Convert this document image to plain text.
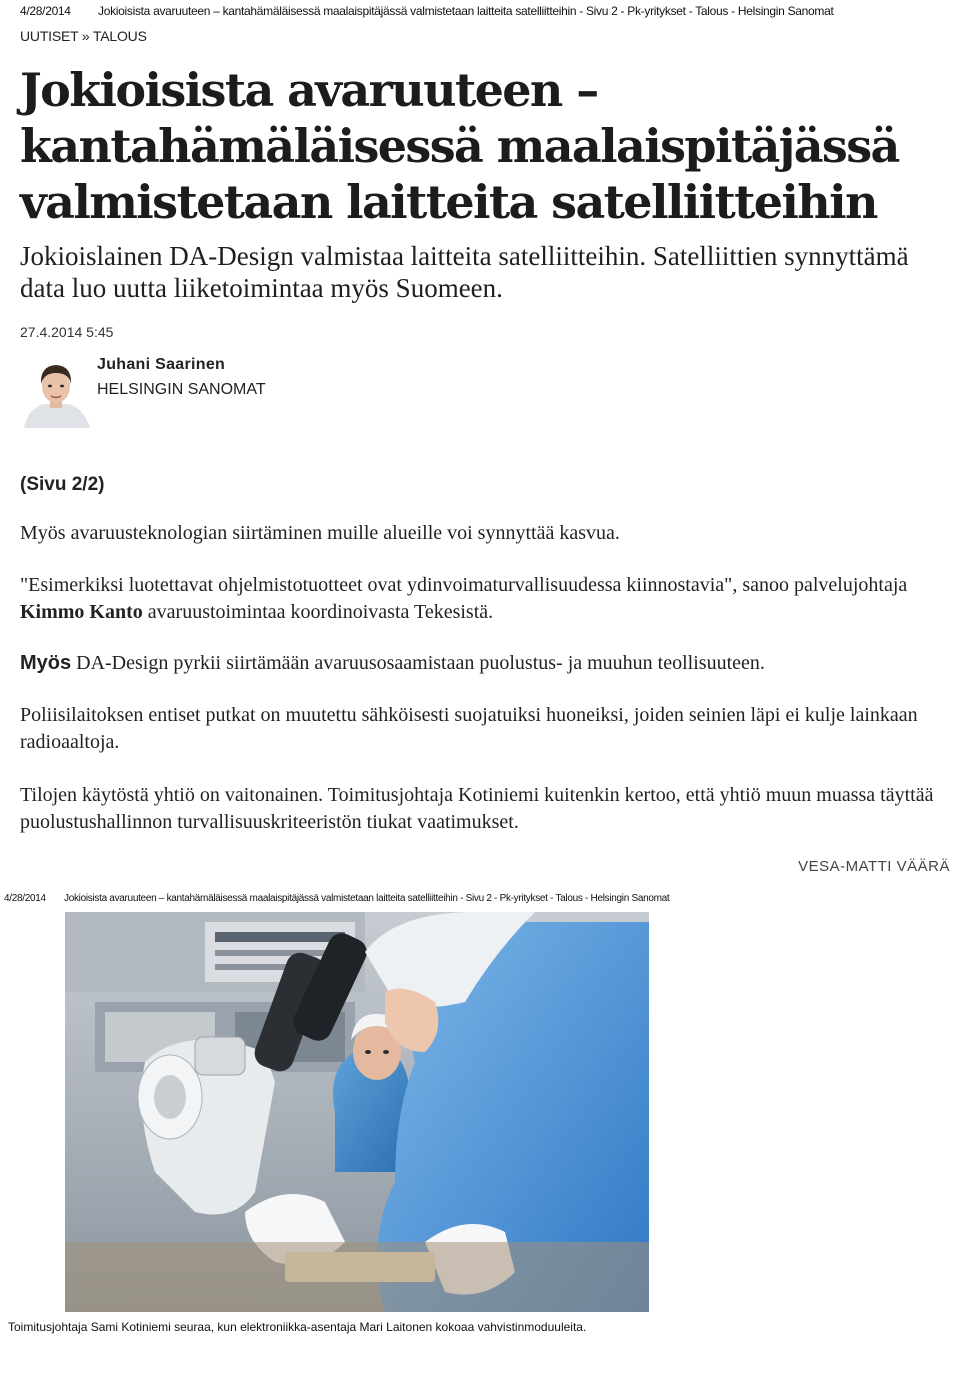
4/28/2014 Jokioisista avaruuteen – kantahämäläisessä maalaispitäjässä valmistetaan laitteita satelliitteihin - Sivu 2 - Pk-yritykset - Talous - Helsingin Sanomat
UUTISET » TALOUS
Jokioisista avaruuteen – kantahämäläisessä maalaispitäjässä valmistetaan laitteita satelliitteihin

Jokioislainen DA-Design valmistaa laitteita satelliitteihin. Satelliittien synnyttämä data luo uutta liiketoimintaa myös Suomeen.

27.4.2014 5:45
Juhani Saarinen
HELSINGIN SANOMAT
(Sivu 2/2)

Myös avaruusteknologian siirtäminen muille alueille voi synnyttää kasvua.

"Esimerkiksi luotettavat ohjelmistotuotteet ovat ydinvoimaturvallisuudessa kiinnostavia", sanoo palvelujohtaja Kimmo Kanto avaruustoimintaa koordinoivasta Tekesistä.

Myös DA-Design pyrkii siirtämään avaruusosaamistaan puolustus- ja muuhun teollisuuteen.

Poliisilaitoksen entiset putkat on muutettu sähköisesti suojatuiksi huoneiksi, joiden seinien läpi ei kulje lainkaan radioaaltoja.

Tilojen käytöstä yhtiö on vaitonainen. Toimitusjohtaja Kotiniemi kuitenkin kertoo, että yhtiö muun muassa täyttää puolustushallinnon turvallisuuskriteeristön tiukat vaatimukset.

VESA-MATTI VÄÄRÄ
4/28/2014 Jokioisista avaruuteen – kantahämäläisessä maalaispitäjässä valmistetaan laitteita satelliitteihin - Sivu 2 - Pk-yritykset - Talous - Helsingin Sanomat
Toimitusjohtaja Sami Kotiniemi seuraa, kun elektroniikka-asentaja Mari Laitonen kokoaa vahvistinmoduuleita.
